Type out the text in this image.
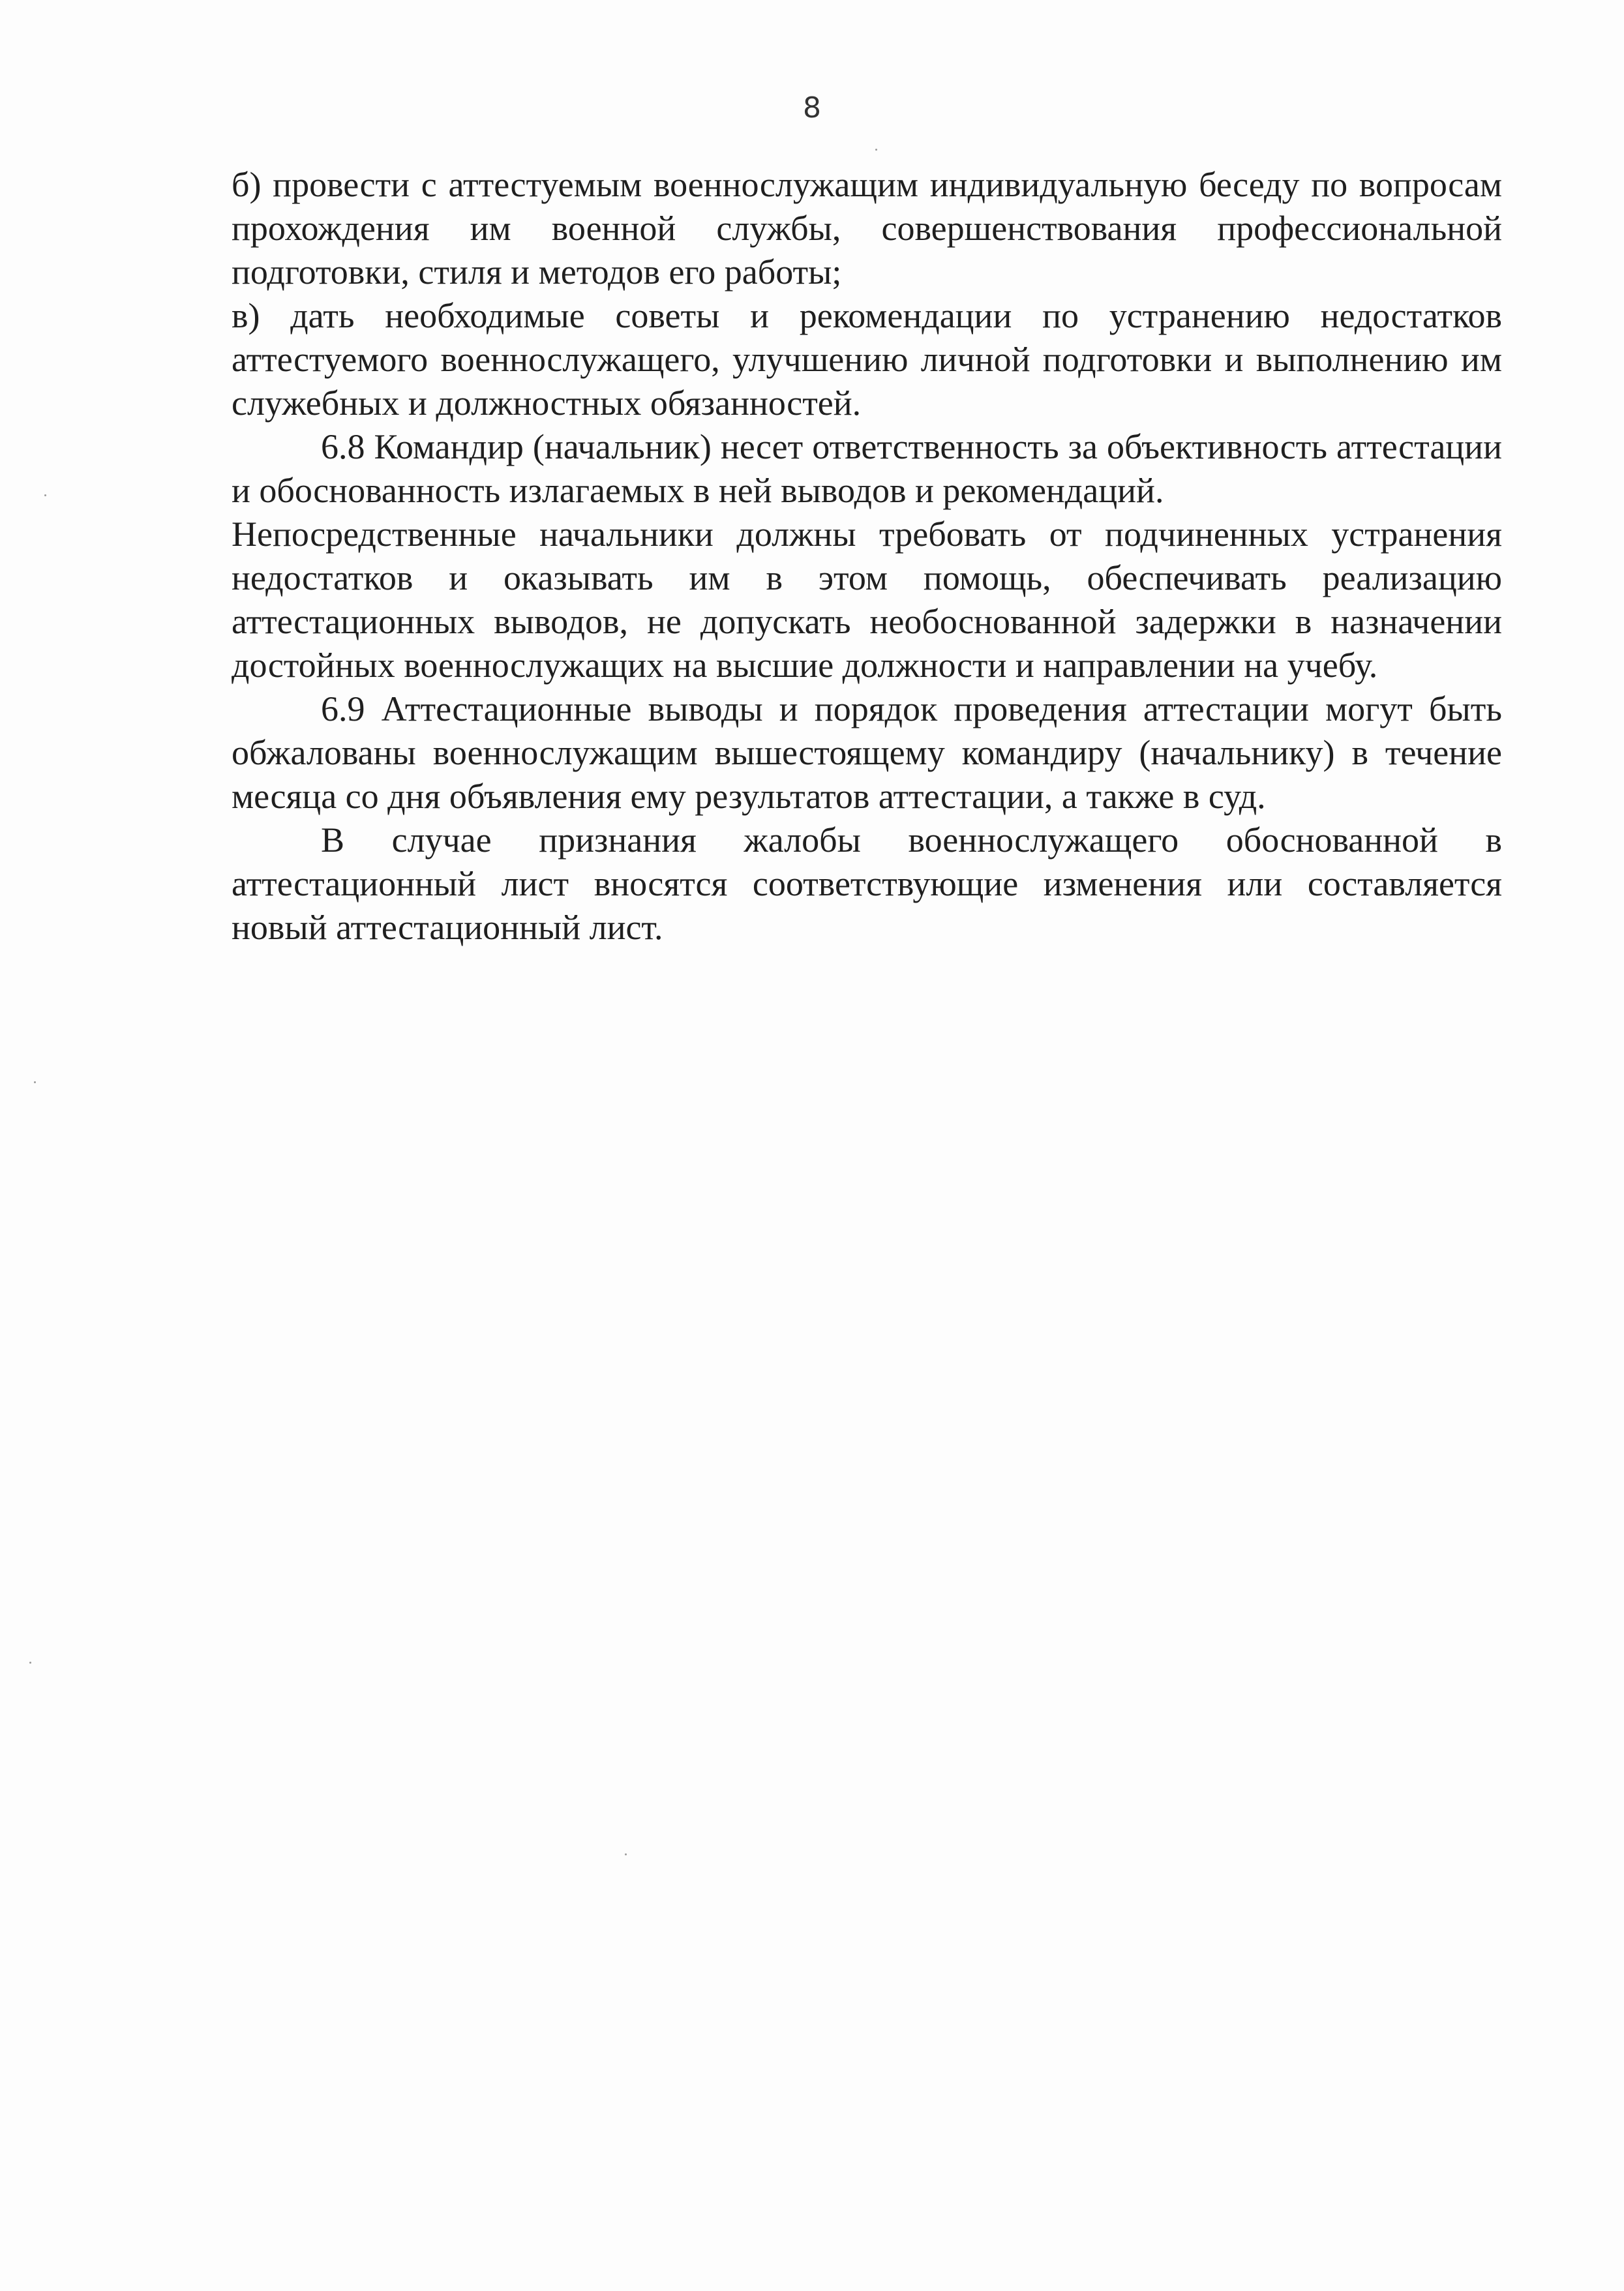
8

б) провести с аттестуемым военнослужащим индивидуальную беседу по вопросам прохождения им военной службы, совершенствования профессиональной подготовки, стиля и методов его работы;

в) дать необходимые советы и рекомендации по устранению недостатков аттестуемого военнослужащего, улучшению личной подготовки и выполнению им служебных и должностных обязанностей.

6.8 Командир (начальник) несет ответственность за объективность аттестации и обоснованность излагаемых в ней выводов и рекомендаций.

Непосредственные начальники должны требовать от подчиненных устранения недостатков и оказывать им в этом помощь, обеспечивать реализацию аттестационных выводов, не допускать необоснованной задержки в назначении достойных военнослужащих на высшие должности и направлении на учебу.

6.9 Аттестационные выводы и порядок проведения аттестации могут быть обжалованы военнослужащим вышестоящему командиру (начальнику) в течение месяца со дня объявления ему результатов аттестации, а также в суд.

В случае признания жалобы военнослужащего обоснованной в аттестационный лист вносятся соответствующие изменения или составляется новый аттестационный лист.
